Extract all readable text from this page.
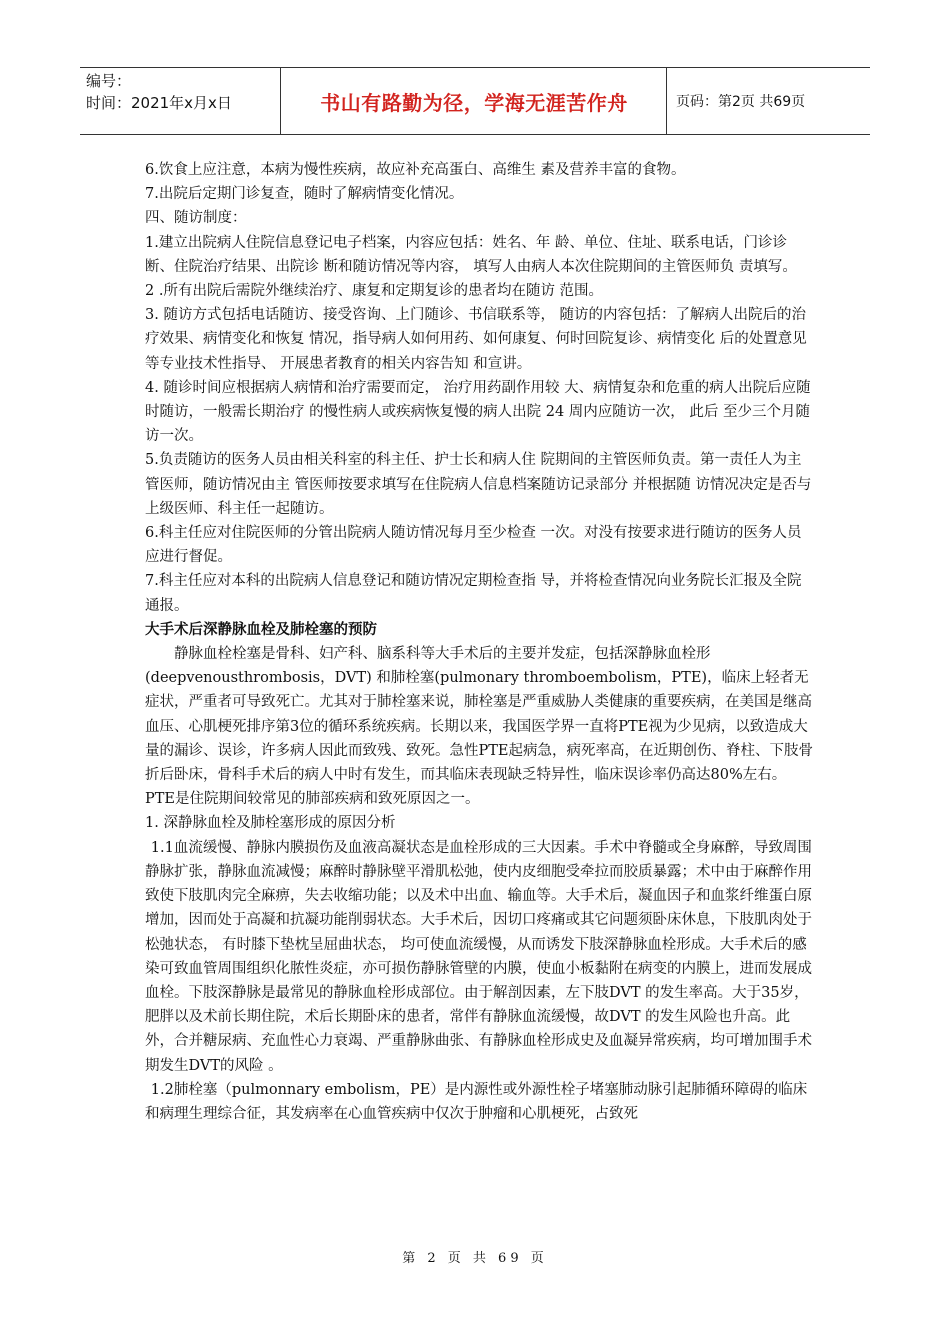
编号：
时间：2021年x月x日	书山有路勤为径，学海无涯苦作舟	页码：第2页 共69页

6.饮食上应注意，本病为慢性疾病，故应补充高蛋白、高维生 素及营养丰富的食物。

7.出院后定期门诊复查，随时了解病情变化情况。

四、随访制度：

1.建立出院病人住院信息登记电子档案，内容应包括：姓名、年 龄、单位、住址、联系电话，门诊诊断、住院治疗结果、出院诊 断和随访情况等内容， 填写人由病人本次住院期间的主管医师负 责填写。

2 .所有出院后需院外继续治疗、康复和定期复诊的患者均在随访 范围。

3. 随访方式包括电话随访、接受咨询、上门随诊、书信联系等， 随访的内容包括：了解病人出院后的治疗效果、病情变化和恢复 情况，指导病人如何用药、如何康复、何时回院复诊、病情变化 后的处置意见等专业技术性指导、 开展患者教育的相关内容告知 和宣讲。

4. 随诊时间应根据病人病情和治疗需要而定， 治疗用药副作用较 大、病情复杂和危重的病人出院后应随时随访，一般需长期治疗 的慢性病人或疾病恢复慢的病人出院 24 周内应随访一次， 此后 至少三个月随访一次。

5.负责随访的医务人员由相关科室的科主任、护士长和病人住 院期间的主管医师负责。第一责任人为主管医师，随访情况由主 管医师按要求填写在住院病人信息档案随访记录部分 并根据随 访情况决定是否与上级医师、科主任一起随访。

6.科主任应对住院医师的分管出院病人随访情况每月至少检查 一次。对没有按要求进行随访的医务人员应进行督促。

7.科主任应对本科的出院病人信息登记和随访情况定期检查指 导，并将检查情况向业务院长汇报及全院通报。

大手术后深静脉血栓及肺栓塞的预防

静脉血栓栓塞是骨科、妇产科、脑系科等大手术后的主要并发症，包括深静脉血栓形(deepvenousthrombosis，DVT) 和肺栓塞(pulmonary thromboembolism，PTE)，临床上轻者无症状，严重者可导致死亡。尤其对于肺栓塞来说，肺栓塞是严重威胁人类健康的重要疾病，在美国是继高血压、心肌梗死排序第3位的循环系统疾病。长期以来，我国医学界一直将PTE视为少见病，以致造成大量的漏诊、误诊，许多病人因此而致残、致死。急性PTE起病急，病死率高，在近期创伤、脊柱、下肢骨折后卧床，骨科手术后的病人中时有发生，而其临床表现缺乏特异性，临床误诊率仍高达80%左右。PTE是住院期间较常见的肺部疾病和致死原因之一。

1. 深静脉血栓及肺栓塞形成的原因分析

1.1血流缓慢、静脉内膜损伤及血液高凝状态是血栓形成的三大因素。手术中脊髓或全身麻醉，导致周围静脉扩张，静脉血流减慢；麻醉时静脉壁平滑肌松弛，使内皮细胞受牵拉而胶质暴露；术中由于麻醉作用致使下肢肌肉完全麻痹，失去收缩功能；以及术中出血、输血等。大手术后，凝血因子和血浆纤维蛋白原增加，因而处于高凝和抗凝功能削弱状态。大手术后，因切口疼痛或其它问题须卧床休息，下肢肌肉处于松弛状态， 有时膝下垫枕呈屈曲状态， 均可使血流缓慢，从而诱发下肢深静脉血栓形成。大手术后的感染可致血管周围组织化脓性炎症，亦可损伤静脉管壁的内膜，使血小板黏附在病变的内膜上，进而发展成血栓。下肢深静脉是最常见的静脉血栓形成部位。由于解剖因素，左下肢DVT 的发生率高。大于35岁，肥胖以及术前长期住院，术后长期卧床的患者，常伴有静脉血流缓慢，故DVT 的发生风险也升高。此外，合并糖尿病、充血性心力衰竭、严重静脉曲张、有静脉血栓形成史及血凝异常疾病，均可增加围手术期发生DVT的风险 。

1.2肺栓塞（pulmonnary embolism，PE）是内源性或外源性栓子堵塞肺动脉引起肺循环障碍的临床和病理生理综合征，其发病率在心血管疾病中仅次于肿瘤和心肌梗死，占致死

第 2 页 共 69 页
